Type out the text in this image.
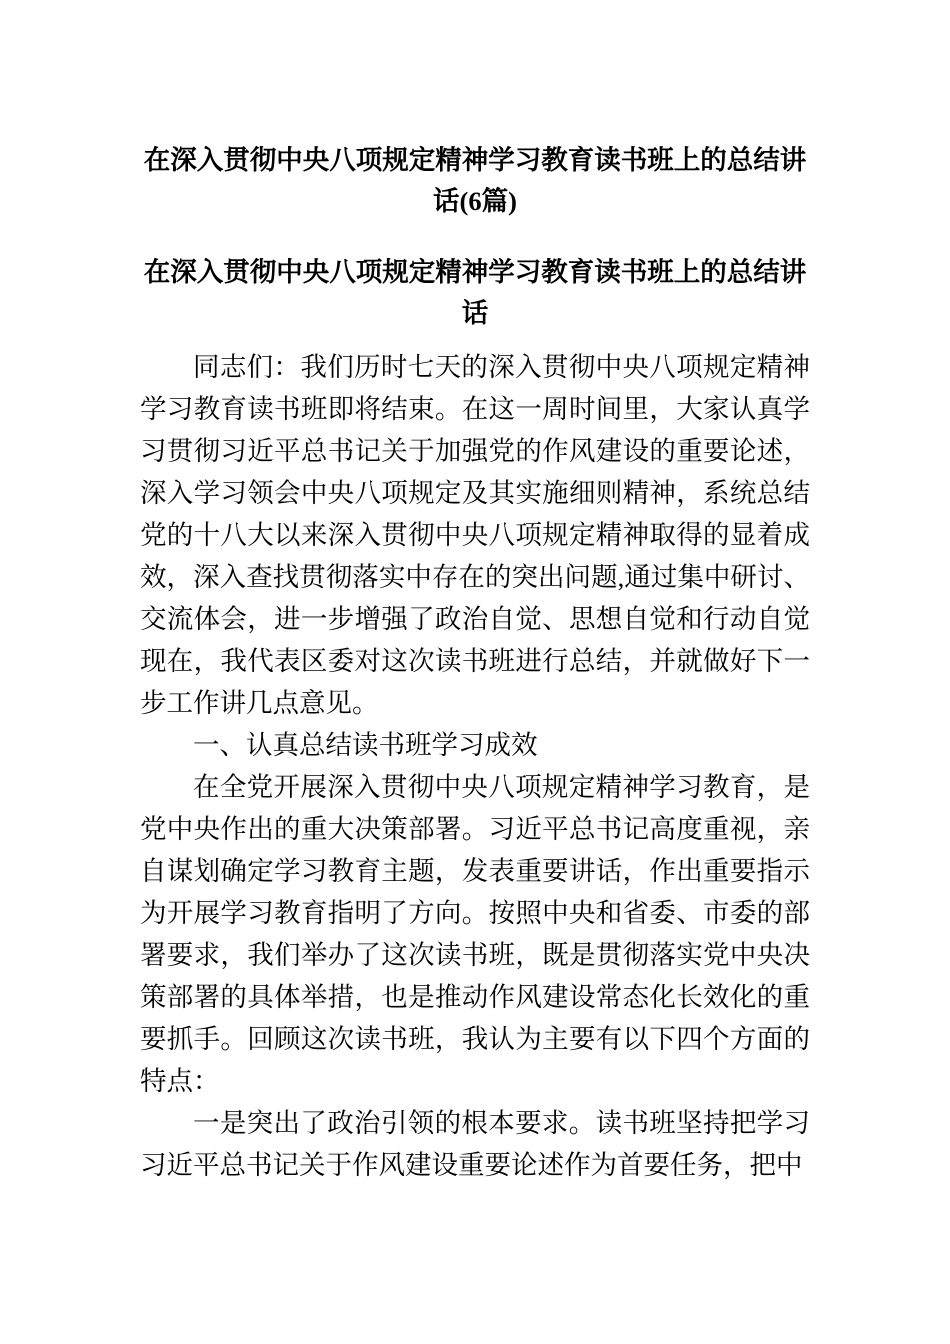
在深入贯彻中央八项规定精神学习教育读书班上的总结讲话(6篇)
在深入贯彻中央八项规定精神学习教育读书班上的总结讲话

同志们：我们历时七天的深入贯彻中央八项规定精神学习教育读书班即将结束。在这一周时间里，大家认真学习贯彻习近平总书记关于加强党的作风建设的重要论述，深入学习领会中央八项规定及其实施细则精神，系统总结党的十八大以来深入贯彻中央八项规定精神取得的显着成效，深入查找贯彻落实中存在的突出问题,通过集中研讨、交流体会，进一步增强了政治自觉、思想自觉和行动自觉现在，我代表区委对这次读书班进行总结，并就做好下一步工作讲几点意见。

一、认真总结读书班学习成效

在全党开展深入贯彻中央八项规定精神学习教育，是党中央作出的重大决策部署。习近平总书记高度重视，亲自谋划确定学习教育主题，发表重要讲话，作出重要指示为开展学习教育指明了方向。按照中央和省委、市委的部署要求，我们举办了这次读书班，既是贯彻落实党中央决策部署的具体举措，也是推动作风建设常态化长效化的重要抓手。回顾这次读书班，我认为主要有以下四个方面的特点：

一是突出了政治引领的根本要求。读书班坚持把学习习近平总书记关于作风建设重要论述作为首要任务，把中
